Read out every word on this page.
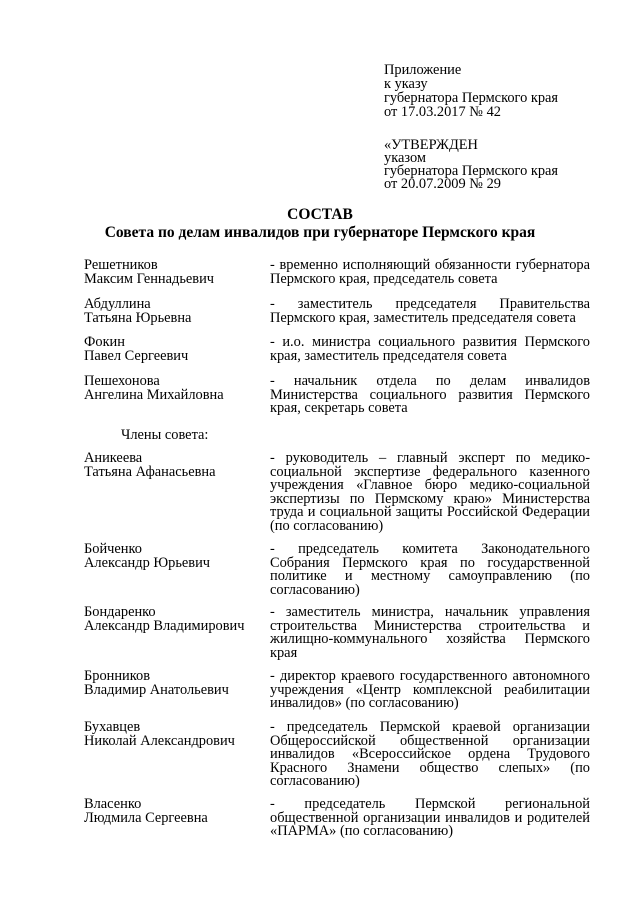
Приложение
к указу
губернатора Пермского края
от 17.03.2017 № 42
«УТВЕРЖДЕН
указом
губернатора Пермского края
от 20.07.2009 № 29
СОСТАВ
Совета по делам инвалидов при губернаторе Пермского края
Решетников
Максим Геннадьевич
- временно исполняющий обязанности губернатора Пермского края, председатель совета
Абдуллина
Татьяна Юрьевна
- заместитель председателя Правительства Пермского края, заместитель председателя совета
Фокин
Павел Сергеевич
- и.о. министра социального развития Пермского края, заместитель председателя совета
Пешехонова
Ангелина Михайловна
- начальник отдела по делам инвалидов Министерства социального развития Пермского края, секретарь совета
Члены совета:
Аникеева
Татьяна Афанасьевна
- руководитель – главный эксперт по медико-социальной экспертизе федерального казенного учреждения «Главное бюро медико-социальной экспертизы по Пермскому краю» Министерства труда и социальной защиты Российской Федерации (по согласованию)
Бойченко
Александр Юрьевич
- председатель комитета Законодательного Собрания Пермского края по государственной политике и местному самоуправлению (по согласованию)
Бондаренко
Александр Владимирович
- заместитель министра, начальник управления строительства Министерства строительства и жилищно-коммунального хозяйства Пермского края
Бронников
Владимир Анатольевич
- директор краевого государственного автономного учреждения «Центр комплексной реабилитации инвалидов» (по согласованию)
Бухавцев
Николай Александрович
- председатель Пермской краевой организации Общероссийской общественной организации инвалидов «Всероссийское ордена Трудового Красного Знамени общество слепых» (по согласованию)
Власенко
Людмила Сергеевна
- председатель Пермской региональной общественной организации инвалидов и родителей «ПАРМА» (по согласованию)
